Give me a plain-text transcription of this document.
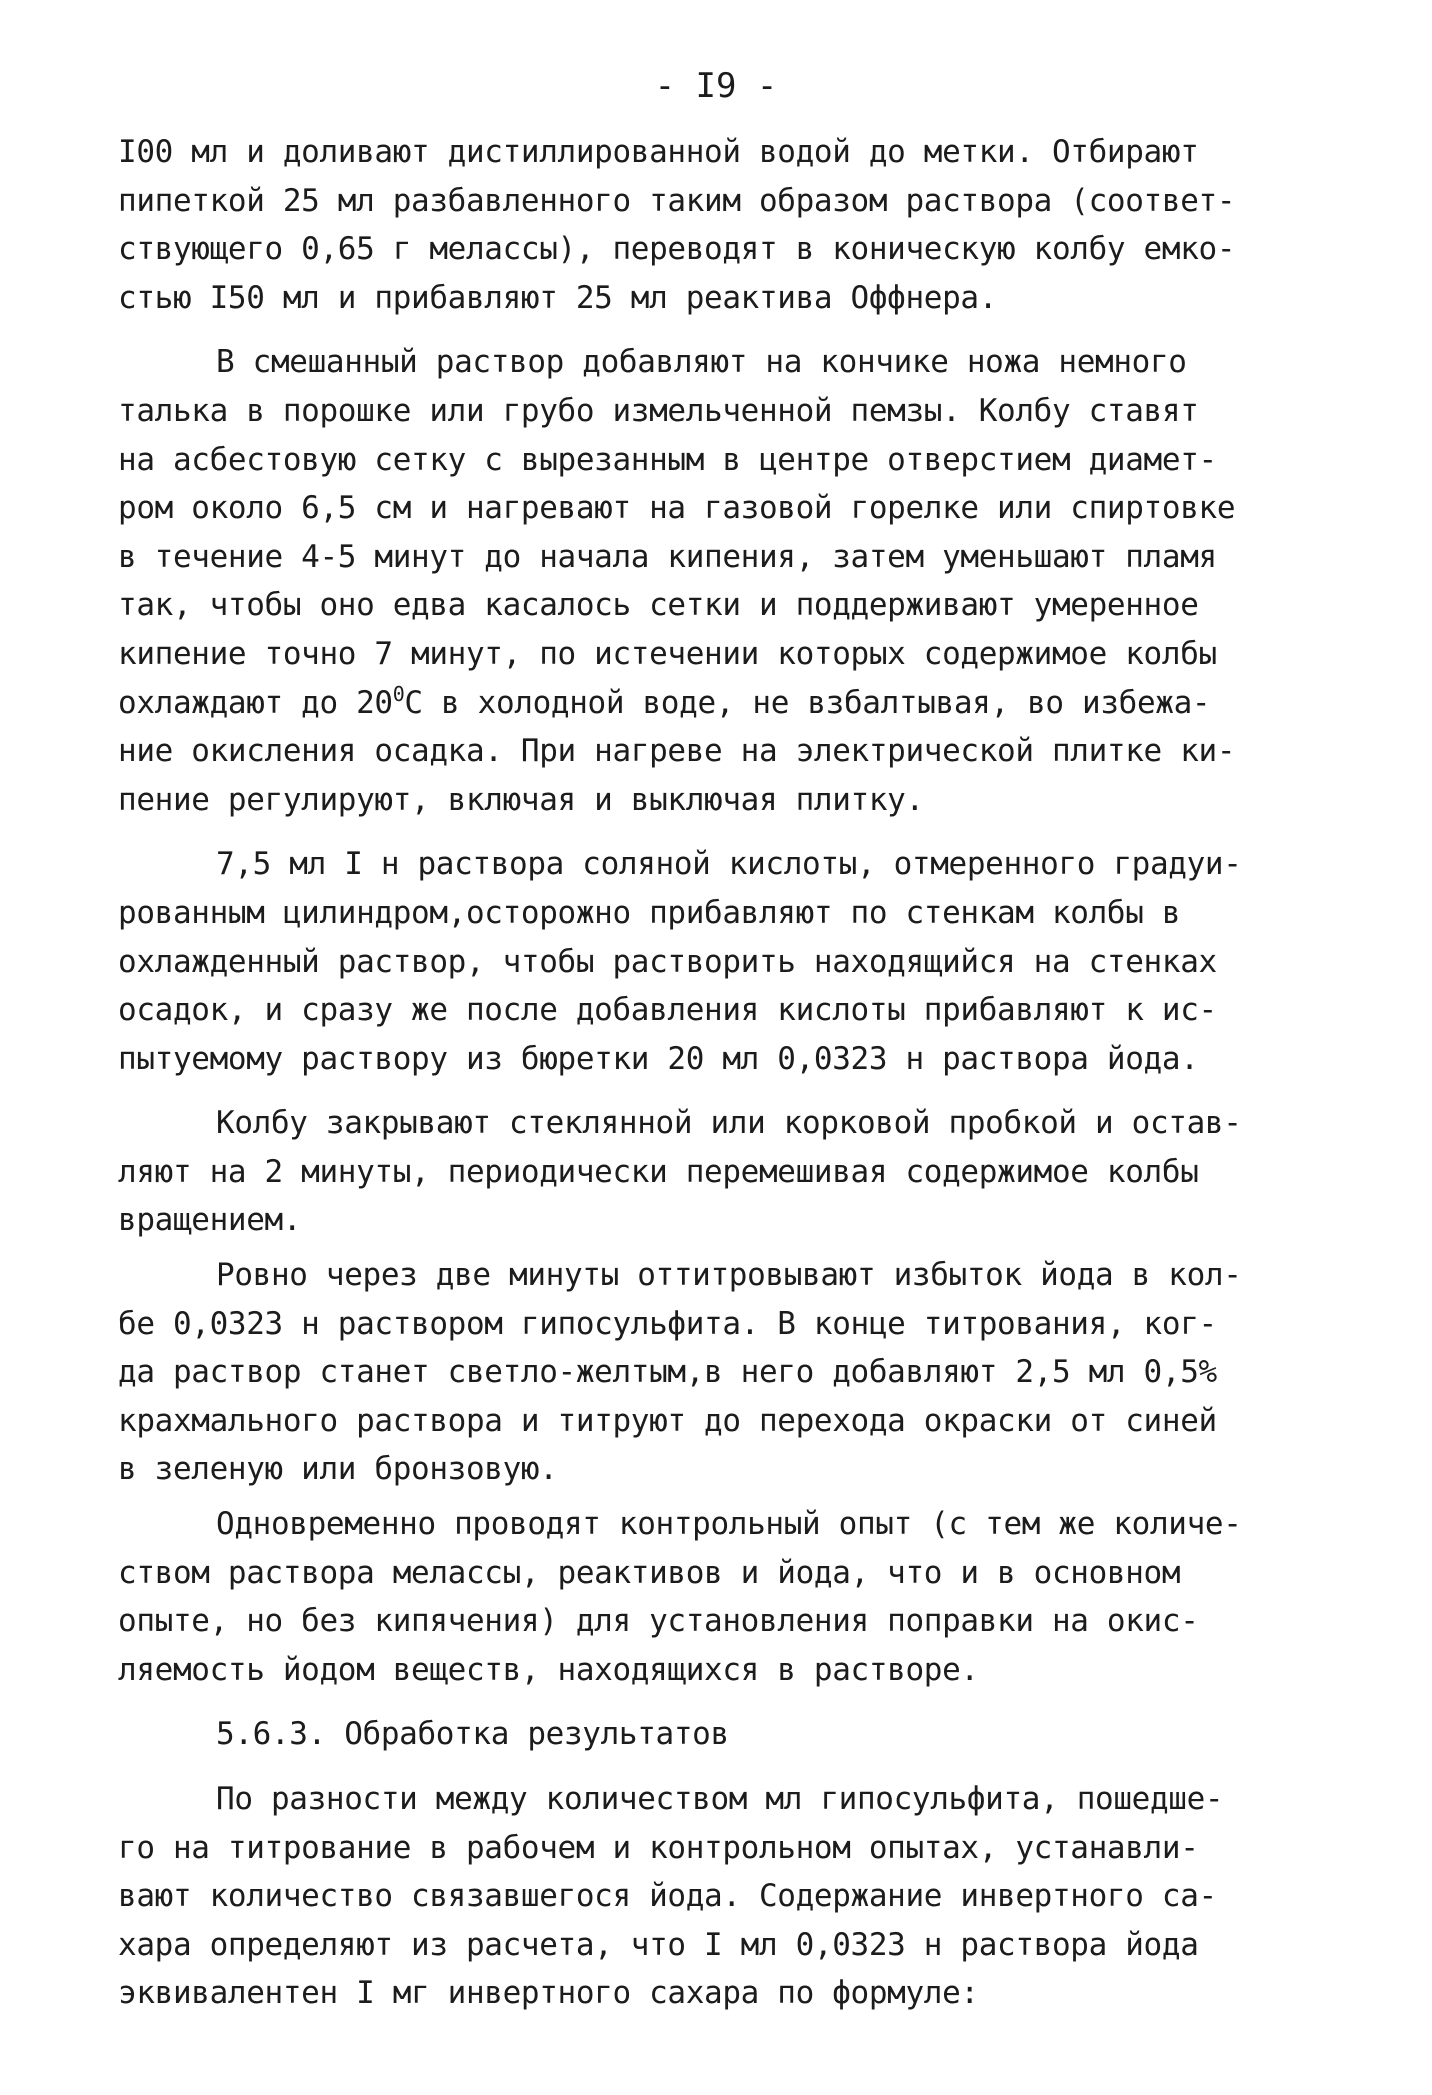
- I9 -
I00 мл и доливают дистиллированной водой до метки. Отбирают
пипеткой 25 мл разбавленного таким образом раствора (соответ-
ствующего 0,65 г мелассы), переводят в коническую колбу емко-
стью I50 мл и прибавляют 25 мл реактива Оффнера.
В смешанный раствор добавляют на кончике ножа немного
талька в порошке или грубо измельченной пемзы. Колбу ставят
на асбестовую сетку с вырезанным в центре отверстием диамет-
ром около 6,5 см и нагревают на газовой горелке или спиртовке
в течение 4-5 минут до начала кипения, затем уменьшают пламя
так, чтобы оно едва касалось сетки и поддерживают умеренное
кипение точно 7 минут, по истечении которых содержимое колбы
охлаждают до $20^0С$ в холодной воде, не взбалтывая, во избежа-
ние окисления осадка. При нагреве на электрической плитке ки-
пение регулируют, включая и выключая плитку.
7,5 мл I н раствора соляной кислоты, отмеренного градуи-
рованным цилиндром,осторожно прибавляют по стенкам колбы в
охлажденный раствор, чтобы растворить находящийся на стенках
осадок, и сразу же после добавления кислоты прибавляют к ис-
пытуемому раствору из бюретки 20 мл 0,0323 н раствора йода.
Колбу закрывают стеклянной или корковой пробкой и остав-
ляют на 2 минуты, периодически перемешивая содержимое колбы
вращением.
Ровно через две минуты оттитровывают избыток йода в кол-
бе 0,0323 н раствором гипосульфита. В конце титрования, ког-
да раствор станет светло-желтым,в него добавляют 2,5 мл 0,5%
крахмального раствора и титруют до перехода окраски от синей
в зеленую или бронзовую.
Одновременно проводят контрольный опыт (с тем же количе-
ством раствора мелассы, реактивов и йода, что и в основном
опыте, но без кипячения) для установления поправки на окис-
ляемость йодом веществ, находящихся в растворе.
5.6.3. Обработка результатов
По разности между количеством мл гипосульфита, пошедше-
го на титрование в рабочем и контрольном опытах, устанавли-
вают количество связавшегося йода. Содержание инвертного са-
хара определяют из расчета, что I мл 0,0323 н раствора йода
эквивалентен I мг инвертного сахара по формуле:
